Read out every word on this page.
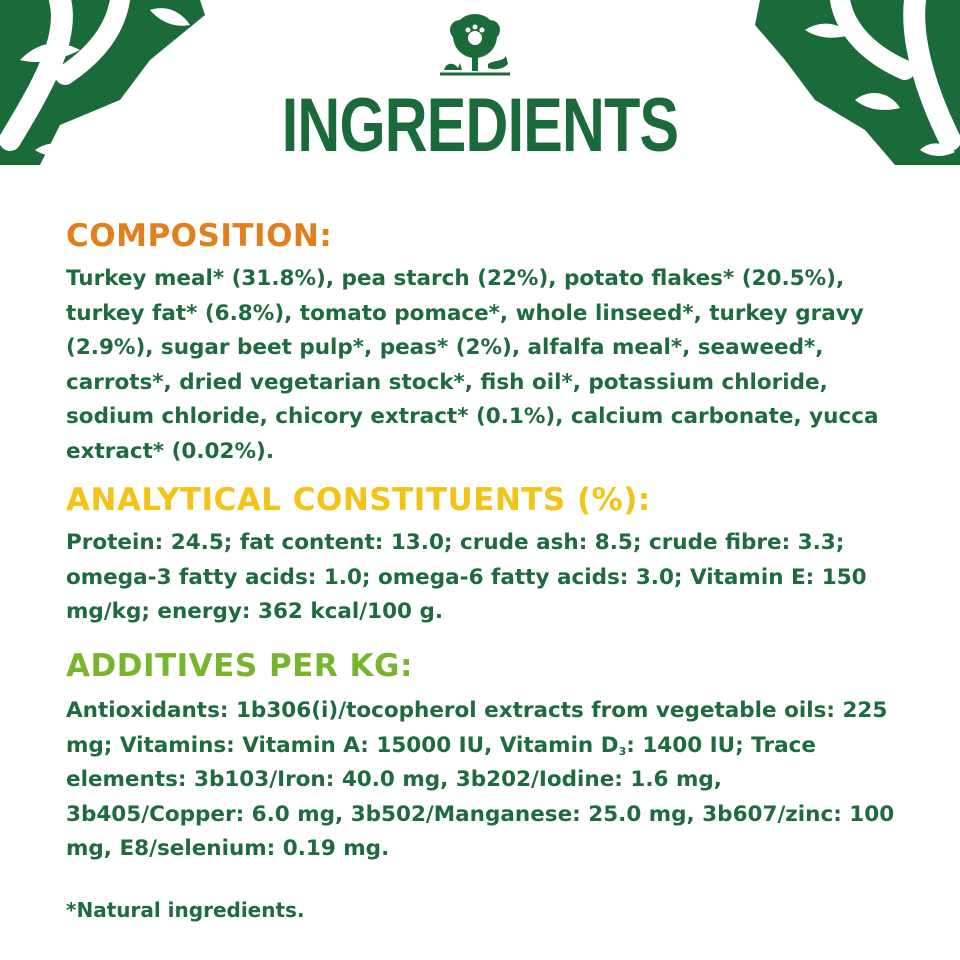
INGREDIENTS
COMPOSITION:

Turkey meal* (31.8%), pea starch (22%), potato flakes* (20.5%), turkey fat* (6.8%), tomato pomace*, whole linseed*, turkey gravy (2.9%), sugar beet pulp*, peas* (2%), alfalfa meal*, seaweed*, carrots*, dried vegetarian stock*, fish oil*, potassium chloride, sodium chloride, chicory extract* (0.1%), calcium carbonate, yucca extract* (0.02%).

ANALYTICAL CONSTITUENTS (%):

Protein: 24.5; fat content: 13.0; crude ash: 8.5; crude fibre: 3.3; omega-3 fatty acids: 1.0; omega-6 fatty acids: 3.0; Vitamin E: 150 mg/kg; energy: 362 kcal/100 g.

ADDITIVES PER KG:

Antioxidants: 1b306(i)/tocopherol extracts from vegetable oils: 225 mg; Vitamins: Vitamin A: 15000 IU, Vitamin $D_3$: 1400 IU; Trace elements: 3b103/Iron: 40.0 mg, 3b202/Iodine: 1.6 mg, 3b405/Copper: 6.0 mg, 3b502/Manganese: 25.0 mg, 3b607/zinc: 100 mg, E8/selenium: 0.19 mg.

*Natural ingredients.
